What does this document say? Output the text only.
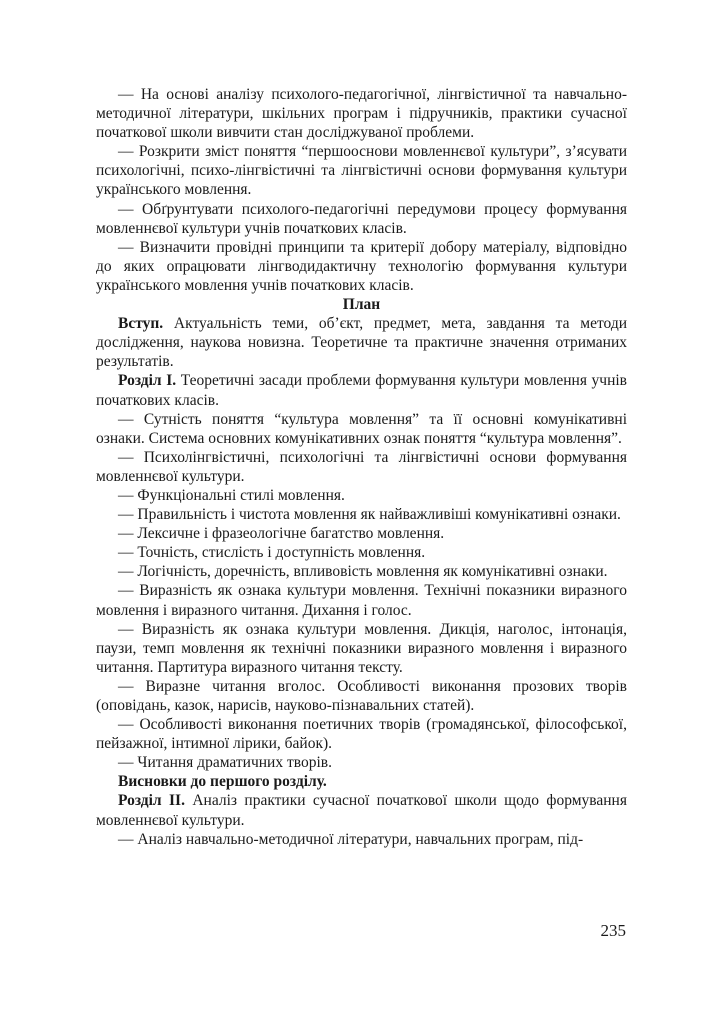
— На основі аналізу психолого-педагогічної, лінгвістичної та навчально-методичної літератури, шкільних програм і підручників, практики сучасної початкової школи вивчити стан досліджуваної проблеми.

— Розкрити зміст поняття “першооснови мовленнєвої культури”, з’ясувати психологічні, психо-лінгвістичні та лінгвістичні основи формування культури українського мовлення.

— Обґрунтувати психолого-педагогічні передумови процесу формування мовленнєвої культури учнів початкових класів.

— Визначити провідні принципи та критерії добору матеріалу, відповідно до яких опрацювати лінгводидактичну технологію формування культури українського мовлення учнів початкових класів.

План

Вступ. Актуальність теми, об’єкт, предмет, мета, завдання та методи дослідження, наукова новизна. Теоретичне та практичне значення отриманих результатів.

Розділ І. Теоретичні засади проблеми формування культури мовлення учнів початкових класів.

— Сутність поняття “культура мовлення” та її основні комунікативні ознаки. Система основних комунікативних ознак поняття “культура мовлення”.

— Психолінгвістичні, психологічні та лінгвістичні основи формування мовленнєвої культури.

— Функціональні стилі мовлення.

— Правильність і чистота мовлення як найважливіші комунікативні ознаки.

— Лексичне і фразеологічне багатство мовлення.

— Точність, стислість і доступність мовлення.

— Логічність, доречність, впливовість мовлення як комунікативні ознаки.

— Виразність як ознака культури мовлення. Технічні показники виразного мовлення і виразного читання. Дихання і голос.

— Виразність як ознака культури мовлення. Дикція, наголос, інтонація, паузи, темп мовлення як технічні показники виразного мовлення і виразного читання. Партитура виразного читання тексту.

— Виразне читання вголос. Особливості виконання прозових творів (оповідань, казок, нарисів, науково-пізнавальних статей).

— Особливості виконання поетичних творів (громадянської, філософської, пейзажної, інтимної лірики, байок).

— Читання драматичних творів.

Висновки до першого розділу.

Розділ ІІ. Аналіз практики сучасної початкової школи щодо формування мовленнєвої культури.

— Аналіз навчально-методичної літератури, навчальних програм, під-

235
